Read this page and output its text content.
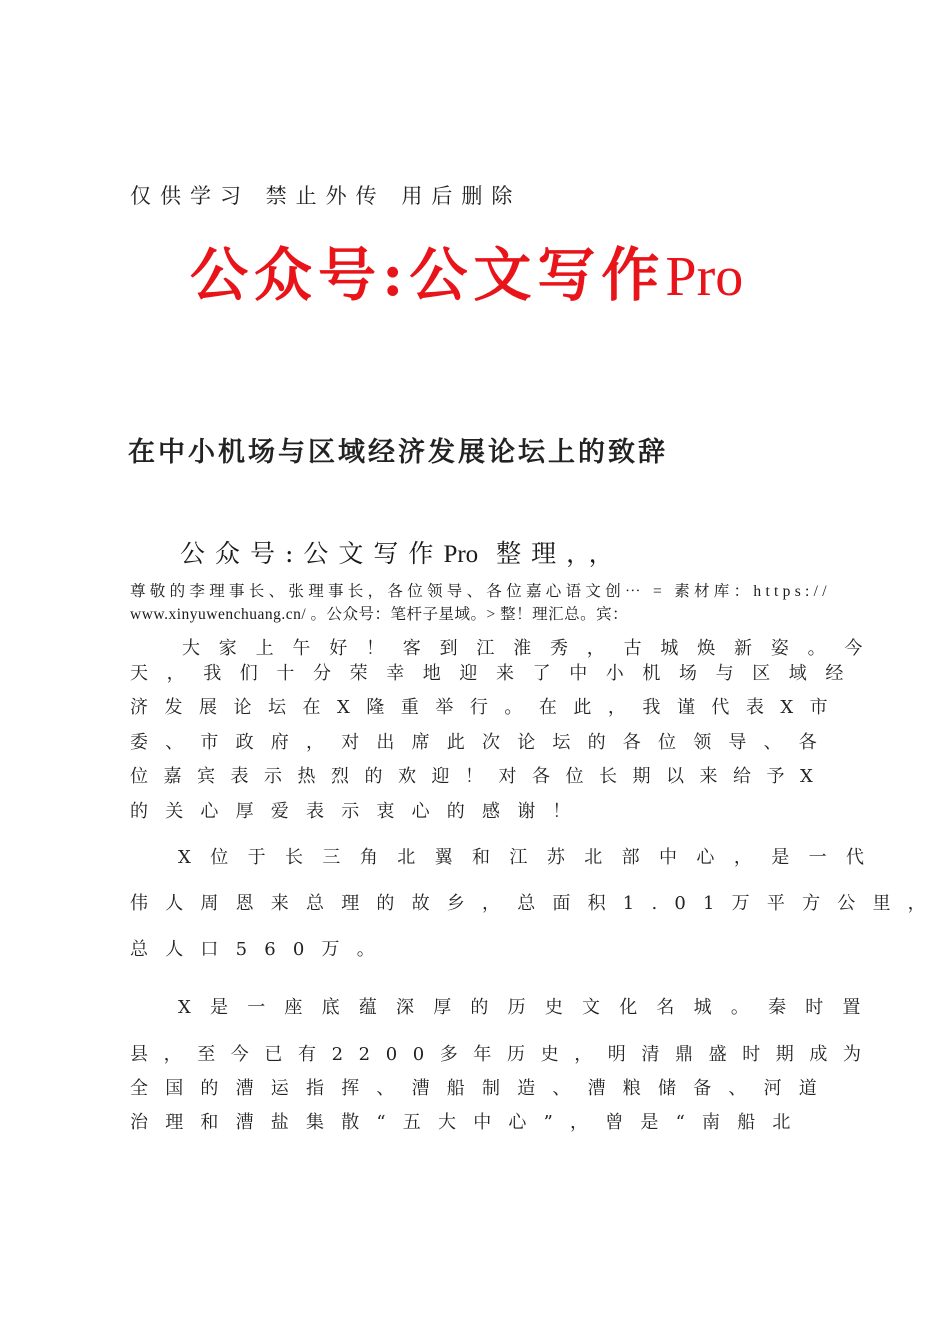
仅供学习 禁止外传 用后删除
公众号:公文写作Pro
在中小机场与区域经济发展论坛上的致辞
公众号:公文写作Pro 整理，，
尊敬的李理事长、张理事长，各位领导、各位嘉心语文创⋯ = 素材库：https://
www.xinyuwenchuang.cn/ 。公众号：笔杆子星域。> 整！理汇总。宾：
大家上午好！客到江淮秀，古城焕新姿。今
天，我们十分荣幸地迎来了中小机场与区域经
济发展论坛在X隆重举行。在此，我谨代表X市
委、市政府，对出席此次论坛的各位领导、各
位嘉宾表示热烈的欢迎！对各位长期以来给予X
的关心厚爱表示衷心的感谢！
X位于长三角北翼和江苏北部中心，是一代
伟人周恩来总理的故乡，总面积1.01万平方公里，
总人口560万。
X是一座底蕴深厚的历史文化名城。秦时置
县，至今已有2200多年历史，明清鼎盛时期成为
全国的漕运指挥、漕船制造、漕粮储备、河道
治理和漕盐集散“五大中心”，曾是“南船北
